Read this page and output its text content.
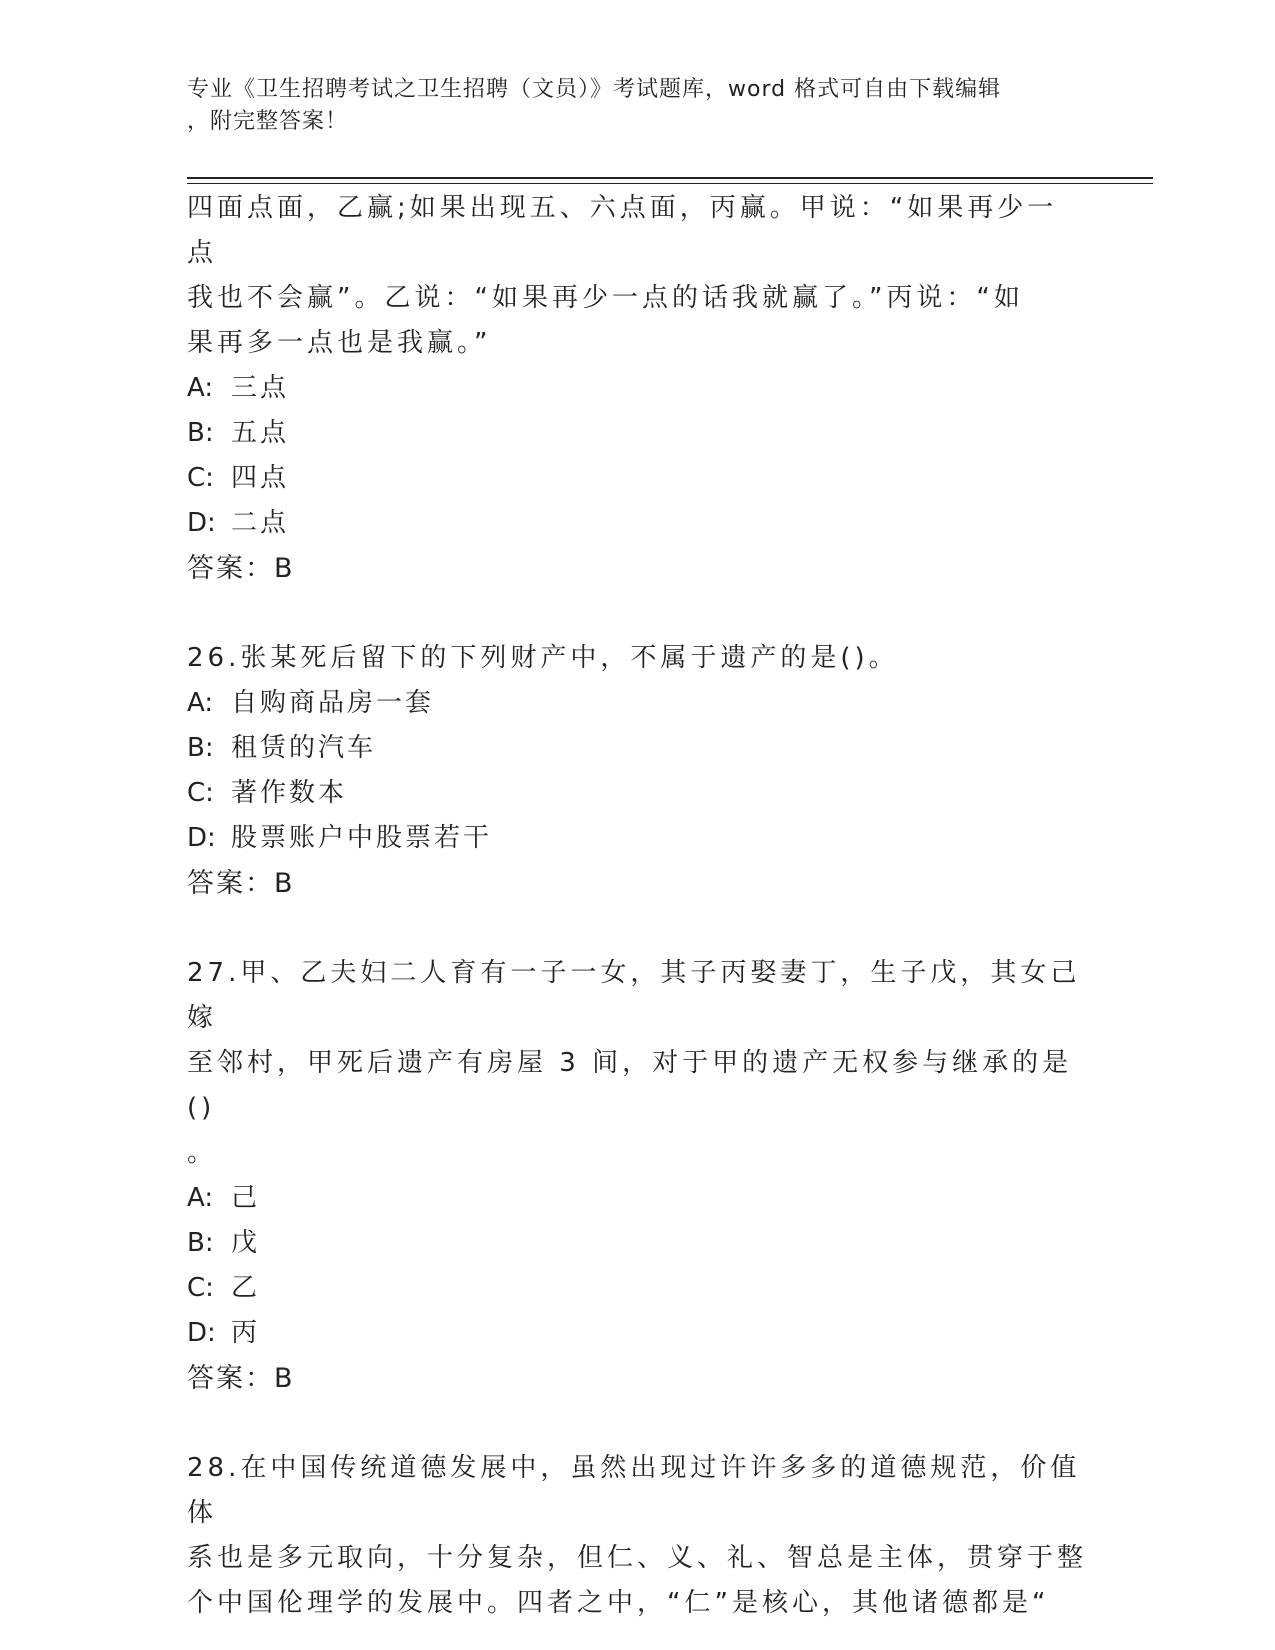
专业《卫生招聘考试之卫生招聘（文员）》考试题库，word 格式可自由下载编辑
，附完整答案！

四面点面，乙赢;如果出现五、六点面，丙赢。甲说：“如果再少一点

我也不会赢”。乙说：“如果再少一点的话我就赢了。”丙说：“如

果再多一点也是我赢。”

A: 三点

B: 五点

C: 四点

D: 二点

答案：B

26.张某死后留下的下列财产中，不属于遗产的是()。

A: 自购商品房一套

B: 租赁的汽车

C: 著作数本

D: 股票账户中股票若干

答案：B

27.甲、乙夫妇二人育有一子一女，其子丙娶妻丁，生子戊，其女己嫁

至邻村，甲死后遗产有房屋 3 间，对于甲的遗产无权参与继承的是()

。

A: 己

B: 戊

C: 乙

D: 丙

答案：B

28.在中国传统道德发展中，虽然出现过许许多多的道德规范，价值体

系也是多元取向，十分复杂，但仁、义、礼、智总是主体，贯穿于整

个中国伦理学的发展中。四者之中，“仁”是核心，其他诸德都是“
